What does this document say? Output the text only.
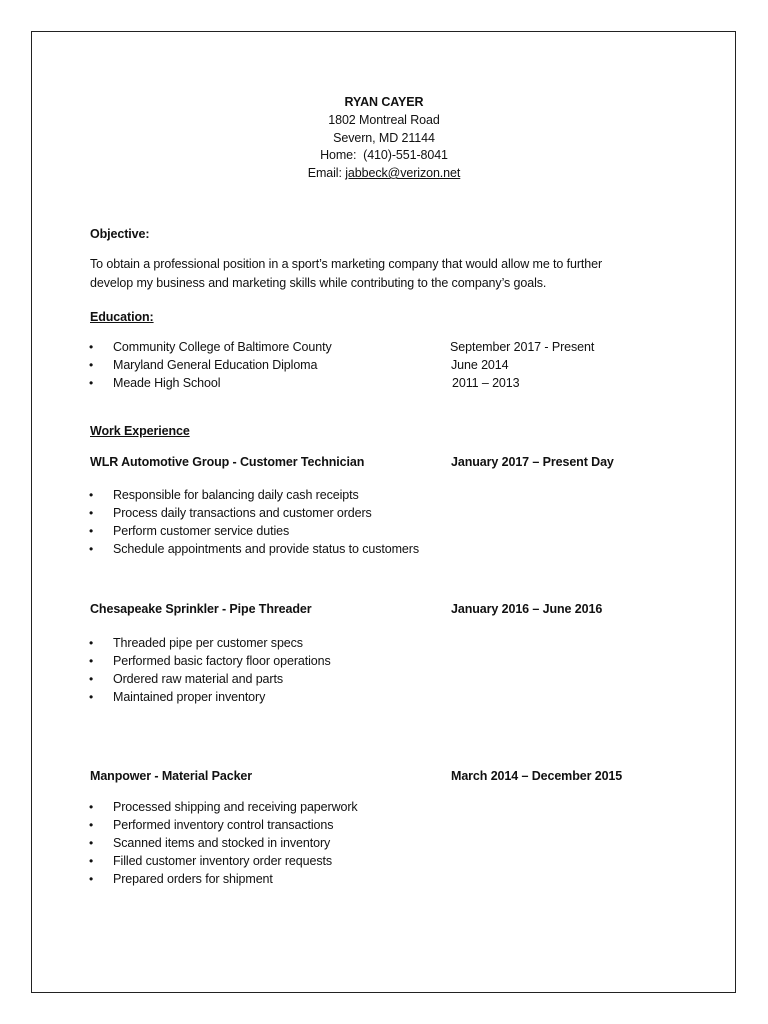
RYAN CAYER
1802 Montreal Road
Severn, MD 21144
Home: (410)-551-8041
Email: jabbeck@verizon.net
Objective:
To obtain a professional position in a sport’s marketing company that would allow me to further
develop my business and marketing skills while contributing to the company’s goals.
Education:
• Community College of Baltimore County	September 2017 - Present
• Maryland General Education Diploma	June 2014
• Meade High School	2011 – 2013
Work Experience
WLR Automotive Group - Customer Technician	January 2017 – Present Day
• Responsible for balancing daily cash receipts
• Process daily transactions and customer orders
• Perform customer service duties
• Schedule appointments and provide status to customers
Chesapeake Sprinkler - Pipe Threader	January 2016 – June 2016
• Threaded pipe per customer specs
• Performed basic factory floor operations
• Ordered raw material and parts
• Maintained proper inventory
Manpower - Material Packer	March 2014 – December 2015
• Processed shipping and receiving paperwork
• Performed inventory control transactions
• Scanned items and stocked in inventory
• Filled customer inventory order requests
• Prepared orders for shipment
